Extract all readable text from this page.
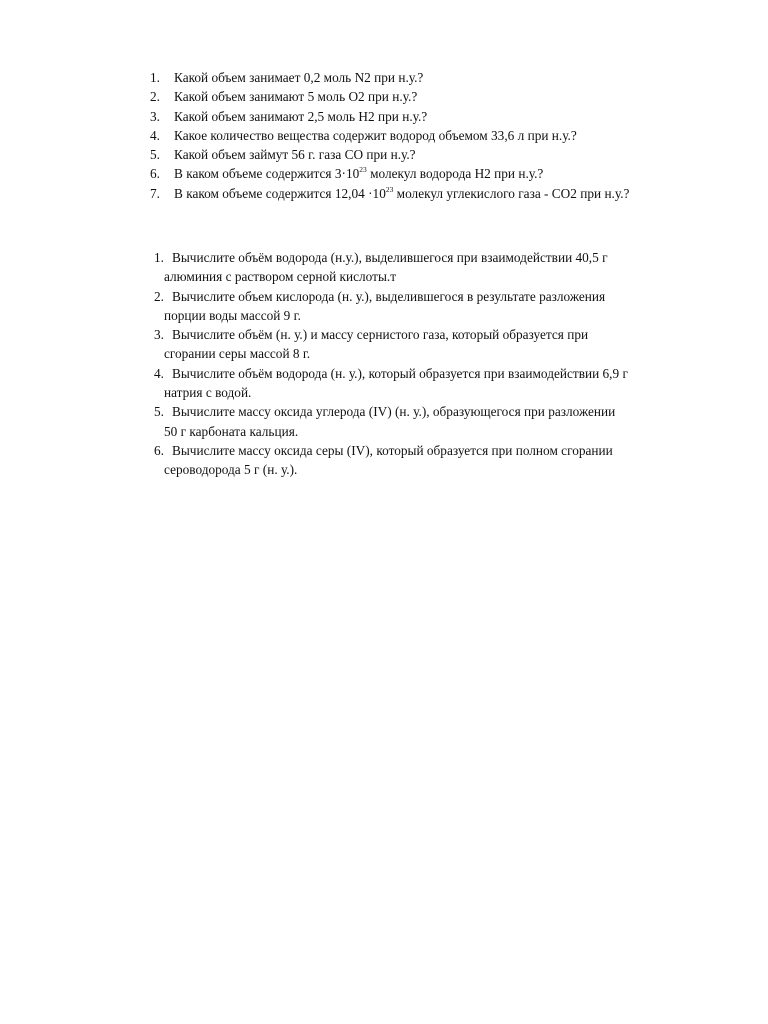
1.	Какой объем занимает 0,2 моль N2 при н.у.?
2.	Какой объем занимают 5 моль O2 при н.у.?
3.	Какой объем занимают 2,5 моль H2 при н.у.?
4.	Какое количество вещества содержит водород объемом 33,6 л при н.у.?
5.	Какой объем займут 56 г. газа CO при н.у.?
6.	В каком объеме содержится $3\cdot 10^{23}$ молекул водорода H2 при н.у.?
7.	В каком объеме содержится $12,04 \cdot 10^{23}$ молекул углекислого газа - CO2 при н.у.?
1. Вычислите объём водорода (н.у.), выделившегося при взаимодействии 40,5 г
алюминия с раствором серной кислоты.т
2. Вычислите объем кислорода (н. у.), выделившегося в результате разложения
порции воды массой 9 г.
3. Вычислите объём (н. у.) и массу сернистого газа, который образуется при
сгорании серы массой 8 г.
4. Вычислите объём водорода (н. у.), который образуется при взаимодействии 6,9 г
натрия с водой.
5. Вычислите массу оксида углерода (IV) (н. у.), образующегося при разложении
50 г карбоната кальция.
6. Вычислите массу оксида серы (IV), который образуется при полном сгорании
сероводорода 5 г (н. у.).
